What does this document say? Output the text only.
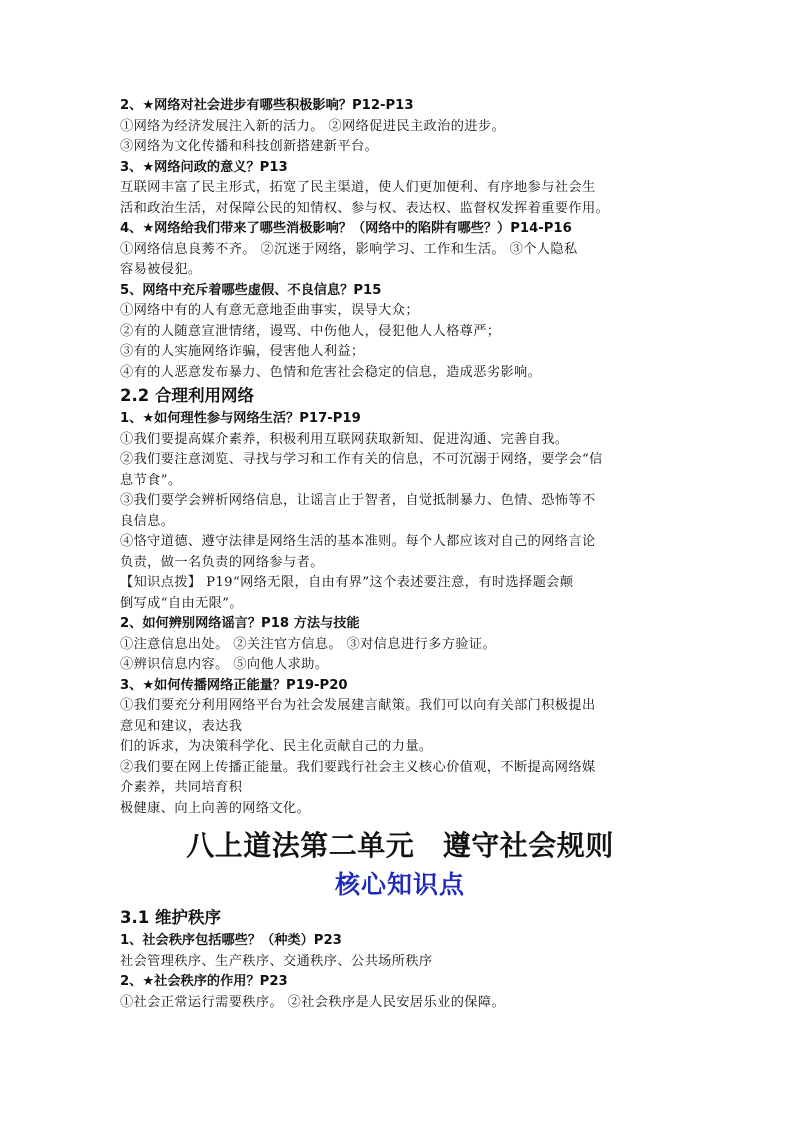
2、★网络对社会进步有哪些积极影响？P12-P13
①网络为经济发展注入新的活力。 ②网络促进民主政治的进步。
③网络为文化传播和科技创新搭建新平台。
3、★网络问政的意义？P13
互联网丰富了民主形式，拓宽了民主渠道，使人们更加便利、有序地参与社会生
活和政治生活，对保障公民的知情权、参与权、表达权、监督权发挥着重要作用。
4、★网络给我们带来了哪些消极影响？（网络中的陷阱有哪些？）P14-P16
①网络信息良莠不齐。 ②沉迷于网络，影响学习、工作和生活。 ③个人隐私
容易被侵犯。
5、网络中充斥着哪些虚假、不良信息？P15
①网络中有的人有意无意地歪曲事实，误导大众；
②有的人随意宣泄情绪，谩骂、中伤他人，侵犯他人人格尊严；
③有的人实施网络诈骗，侵害他人利益；
④有的人恶意发布暴力、色情和危害社会稳定的信息，造成恶劣影响。
2.2 合理利用网络
1、★如何理性参与网络生活？P17-P19
①我们要提高媒介素养，积极利用互联网获取新知、促进沟通、完善自我。
②我们要注意浏览、寻找与学习和工作有关的信息，不可沉溺于网络，要学会“信
息节食”。
③我们要学会辨析网络信息，让谣言止于智者，自觉抵制暴力、色情、恐怖等不
良信息。
④恪守道德、遵守法律是网络生活的基本准则。每个人都应该对自己的网络言论
负责，做一名负责的网络参与者。
【知识点拨】 P19“网络无限，自由有界”这个表述要注意，有时选择题会颠
倒写成“自由无限”。
2、如何辨别网络谣言？P18 方法与技能
①注意信息出处。 ②关注官方信息。 ③对信息进行多方验证。
④辨识信息内容。 ⑤向他人求助。
3、★如何传播网络正能量？P19-P20
①我们要充分利用网络平台为社会发展建言献策。我们可以向有关部门积极提出
意见和建议，表达我
们的诉求，为决策科学化、民主化贡献自己的力量。
②我们要在网上传播正能量。我们要践行社会主义核心价值观，不断提高网络媒
介素养，共同培育积
极健康、向上向善的网络文化。
八上道法第二单元　遵守社会规则
核心知识点
3.1 维护秩序
1、社会秩序包括哪些？（种类）P23
社会管理秩序、生产秩序、交通秩序、公共场所秩序
2、★社会秩序的作用？P23
①社会正常运行需要秩序。 ②社会秩序是人民安居乐业的保障。
